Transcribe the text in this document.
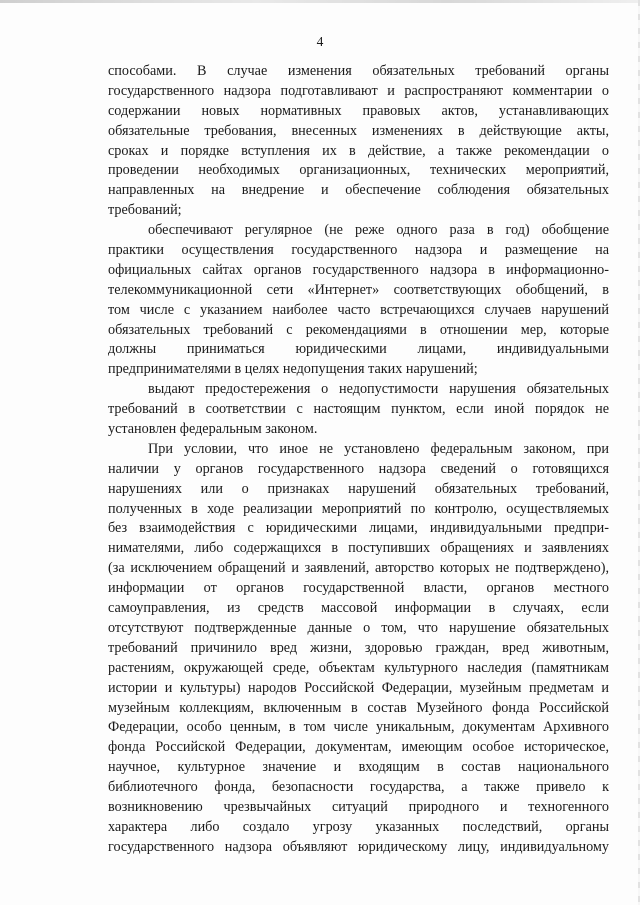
4
способами. В случае изменения обязательных требований органы
государственного надзора подготавливают и распространяют комментарии о
содержании новых нормативных правовых актов, устанавливающих
обязательные требования, внесенных изменениях в действующие акты,
сроках и порядке вступления их в действие, а также рекомендации о
проведении необходимых организационных, технических мероприятий,
направленных на внедрение и обеспечение соблюдения обязательных
требований;
обеспечивают регулярное (не реже одного раза в год) обобщение
практики осуществления государственного надзора и размещение на
официальных сайтах органов государственного надзора в информационно-
телекоммуникационной сети «Интернет» соответствующих обобщений, в
том числе с указанием наиболее часто встречающихся случаев нарушений
обязательных требований с рекомендациями в отношении мер, которые
должны приниматься юридическими лицами, индивидуальными
предпринимателями в целях недопущения таких нарушений;
выдают предостережения о недопустимости нарушения обязательных
требований в соответствии с настоящим пунктом, если иной порядок не
установлен федеральным законом.
При условии, что иное не установлено федеральным законом, при
наличии у органов государственного надзора сведений о готовящихся
нарушениях или о признаках нарушений обязательных требований,
полученных в ходе реализации мероприятий по контролю, осуществляемых
без взаимодействия с юридическими лицами, индивидуальными предпри-
нимателями, либо содержащихся в поступивших обращениях и заявлениях
(за исключением обращений и заявлений, авторство которых не подтверждено),
информации от органов государственной власти, органов местного
самоуправления, из средств массовой информации в случаях, если
отсутствуют подтвержденные данные о том, что нарушение обязательных
требований причинило вред жизни, здоровью граждан, вред животным,
растениям, окружающей среде, объектам культурного наследия (памятникам
истории и культуры) народов Российской Федерации, музейным предметам и
музейным коллекциям, включенным в состав Музейного фонда Российской
Федерации, особо ценным, в том числе уникальным, документам Архивного
фонда Российской Федерации, документам, имеющим особое историческое,
научное, культурное значение и входящим в состав национального
библиотечного фонда, безопасности государства, а также привело к
возникновению чрезвычайных ситуаций природного и техногенного
характера либо создало угрозу указанных последствий, органы
государственного надзора объявляют юридическому лицу, индивидуальному
